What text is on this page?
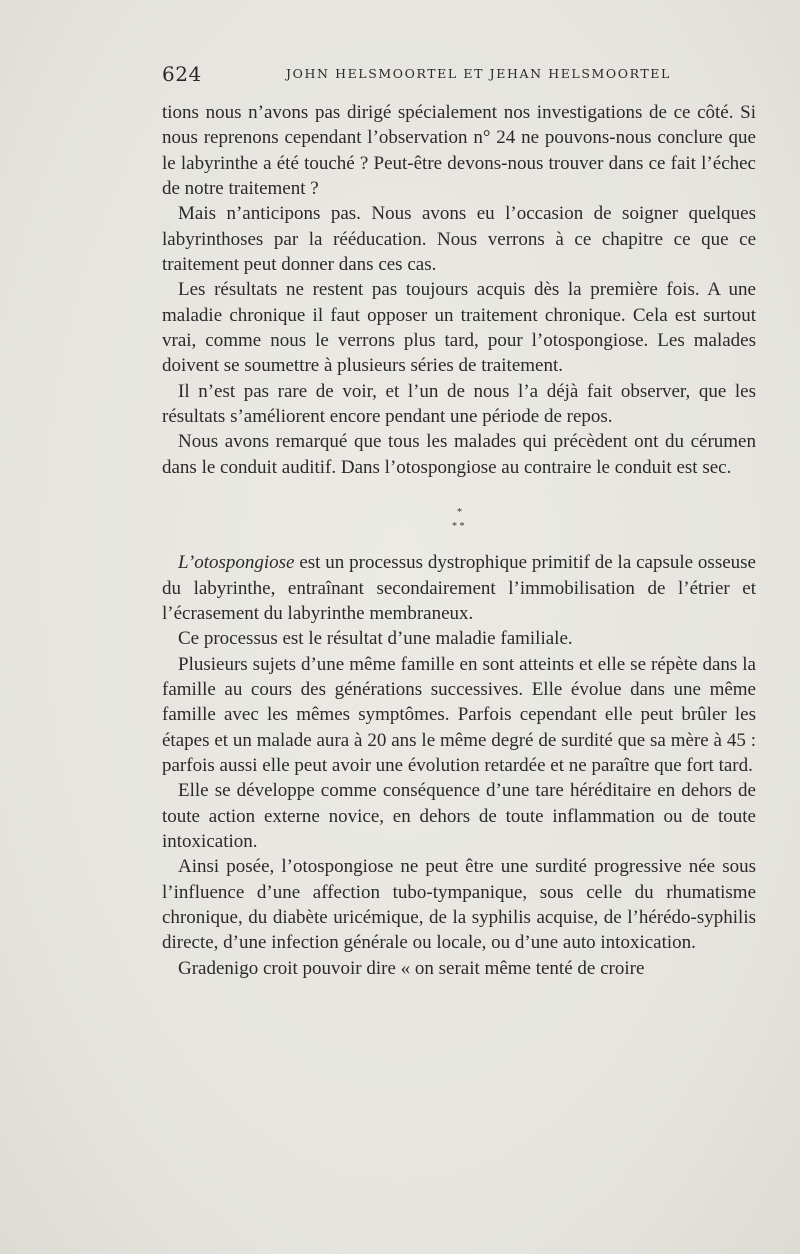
624	JOHN HELSMOORTEL ET JEHAN HELSMOORTEL

tions nous n’avons pas dirigé spécialement nos investigations de ce côté. Si nous reprenons cependant l’observation n° 24 ne pouvons-nous conclure que le labyrinthe a été touché ? Peut-être devons-nous trouver dans ce fait l’échec de notre traitement ?

Mais n’anticipons pas. Nous avons eu l’occasion de soigner quelques labyrinthoses par la rééducation. Nous verrons à ce chapitre ce que ce traitement peut donner dans ces cas.

Les résultats ne restent pas toujours acquis dès la première fois. A une maladie chronique il faut opposer un traitement chronique. Cela est surtout vrai, comme nous le verrons plus tard, pour l’otospongiose. Les malades doivent se soumettre à plusieurs séries de traitement.

Il n’est pas rare de voir, et l’un de nous l’a déjà fait observer, que les résultats s’améliorent encore pendant une période de repos.

Nous avons remarqué que tous les malades qui précèdent ont du cérumen dans le conduit auditif. Dans l’otospongiose au contraire le conduit est sec.

*
* *

L’otospongiose est un processus dystrophique primitif de la capsule osseuse du labyrinthe, entraînant secondairement l’immobilisation de l’étrier et l’écrasement du labyrinthe membraneux.

Ce processus est le résultat d’une maladie familiale.

Plusieurs sujets d’une même famille en sont atteints et elle se répète dans la famille au cours des générations successives. Elle évolue dans une même famille avec les mêmes symptômes. Parfois cependant elle peut brûler les étapes et un malade aura à 20 ans le même degré de surdité que sa mère à 45 : parfois aussi elle peut avoir une évolution retardée et ne paraître que fort tard.

Elle se développe comme conséquence d’une tare héréditaire en dehors de toute action externe novice, en dehors de toute inflammation ou de toute intoxication.

Ainsi posée, l’otospongiose ne peut être une surdité progressive née sous l’influence d’une affection tubo-tympanique, sous celle du rhumatisme chronique, du diabète uricémique, de la syphilis acquise, de l’hérédo-syphilis directe, d’une infection générale ou locale, ou d’une auto intoxication.

Gradenigo croit pouvoir dire « on serait même tenté de croire
